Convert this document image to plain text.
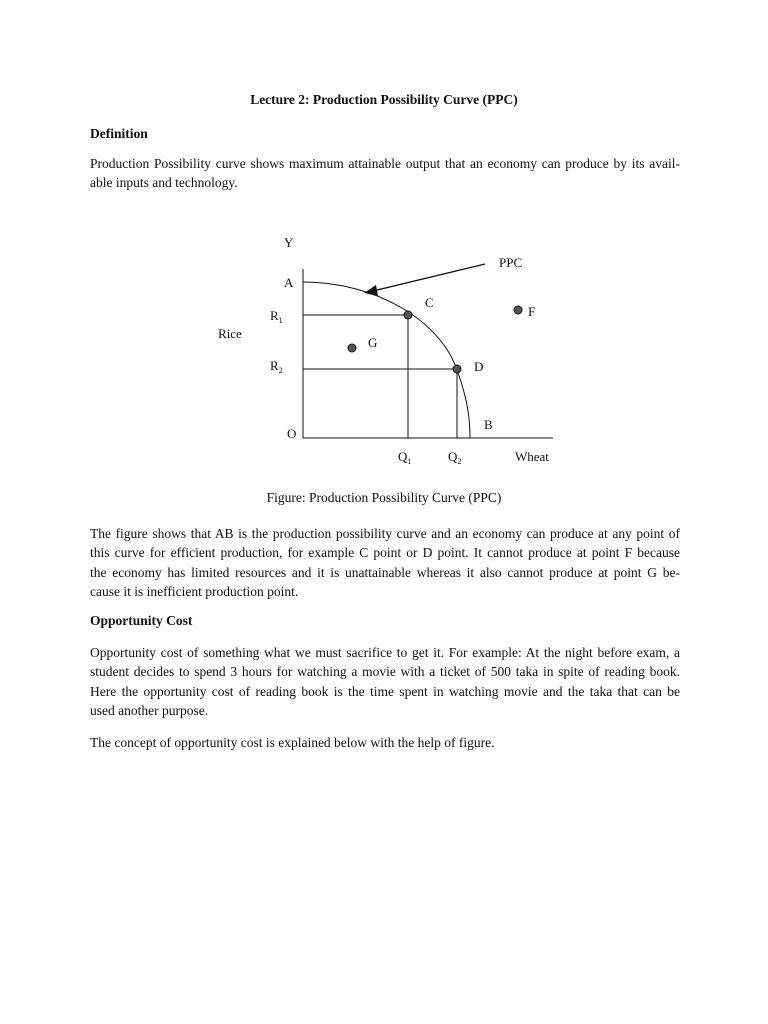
Lecture 2: Production Possibility Curve (PPC)
Definition

Production Possibility curve shows maximum attainable output that an economy can produce by its avail-
able inputs and technology.

Y
PPC
A
C
F
$R_1$
Rice
G
$R_2$	D
B
O
$Q_1$	$Q_2$	Wheat
Figure: Production Possibility Curve (PPC)

The figure shows that AB is the production possibility curve and an economy can produce at any point of
this curve for efficient production, for example C point or D point. It cannot produce at point F because
the economy has limited resources and it is unattainable whereas it also cannot produce at point G be-
cause it is inefficient production point.

Opportunity Cost

Opportunity cost of something what we must sacrifice to get it. For example: At the night before exam, a
student decides to spend 3 hours for watching a movie with a ticket of 500 taka in spite of reading book.
Here the opportunity cost of reading book is the time spent in watching movie and the taka that can be
used another purpose.

The concept of opportunity cost is explained below with the help of figure.
